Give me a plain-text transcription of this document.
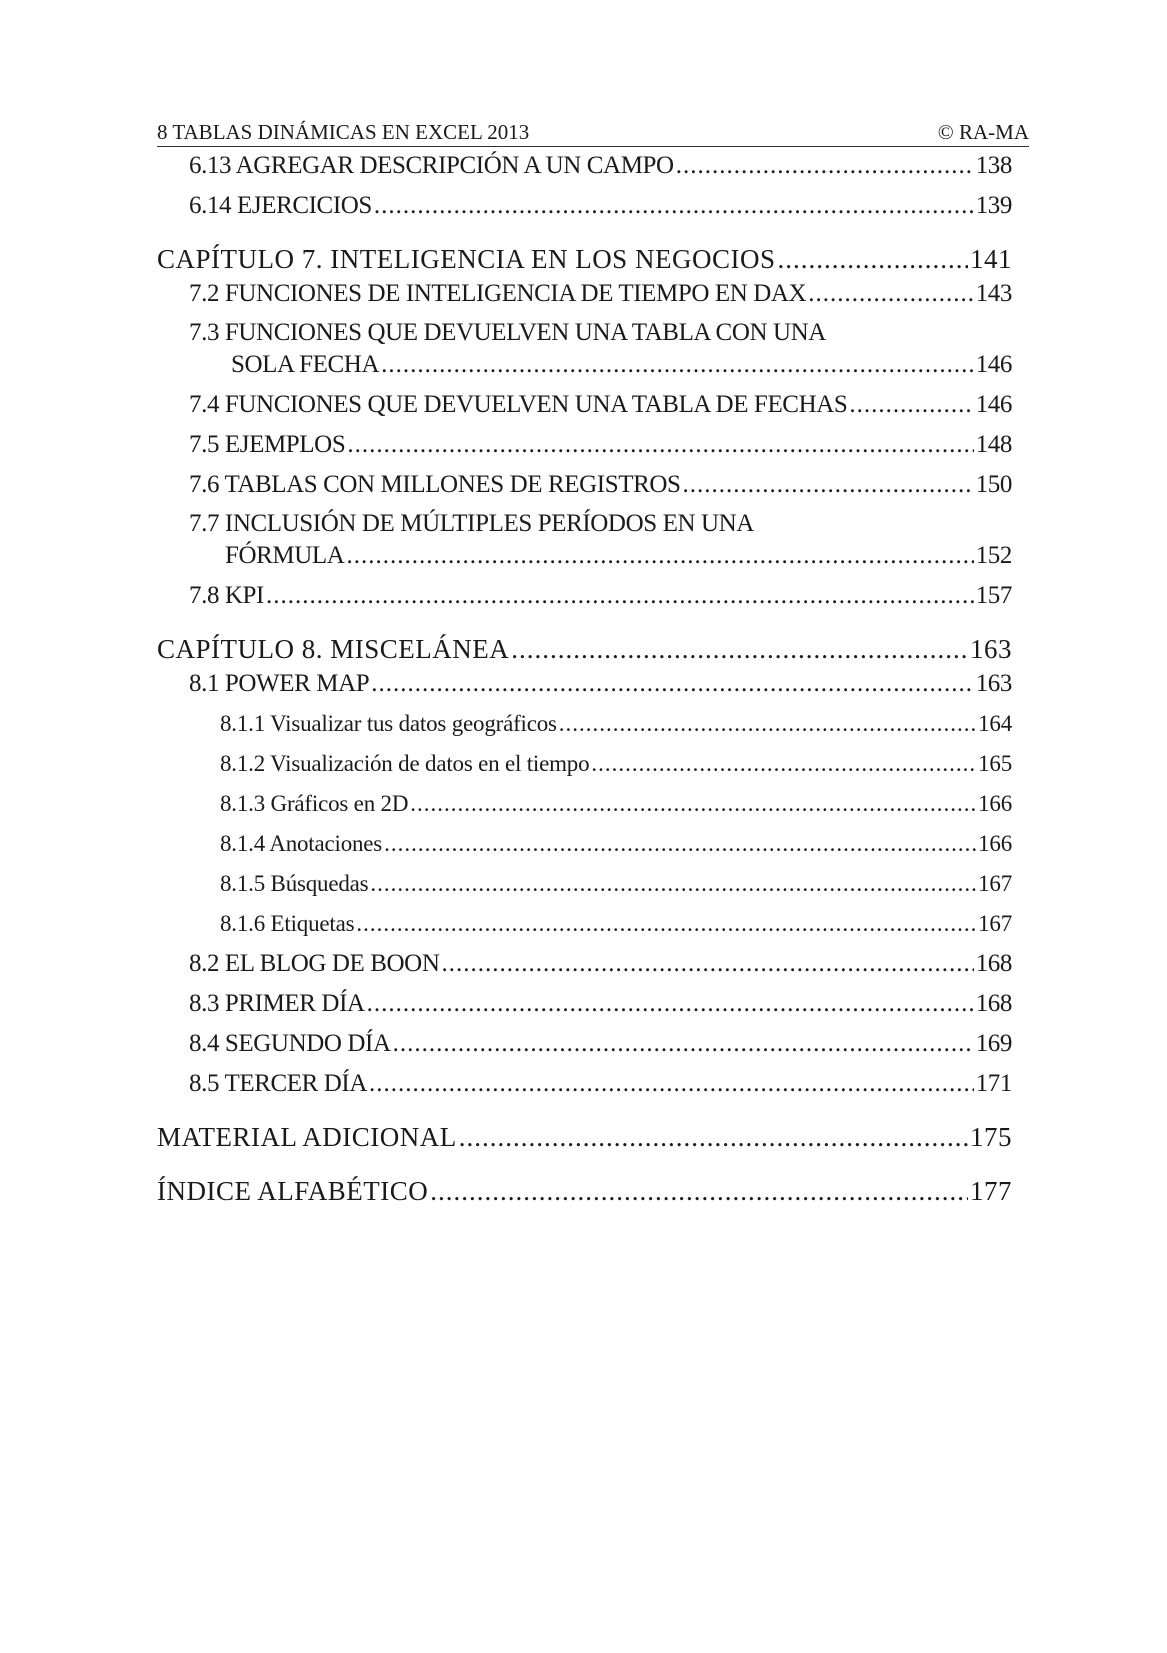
8 TABLAS DINÁMICAS EN EXCEL 2013	© RA-MA
6.13 AGREGAR DESCRIPCIÓN A UN CAMPO .....	138
6.14 EJERCICIOS .....	139
CAPÍTULO 7. INTELIGENCIA EN LOS NEGOCIOS .....	141
7.2 FUNCIONES DE INTELIGENCIA DE TIEMPO EN DAX .....	143
7.3 FUNCIONES QUE DEVUELVEN UNA TABLA CON UNA
SOLA FECHA .....	146
7.4 FUNCIONES QUE DEVUELVEN UNA TABLA DE FECHAS .....	146
7.5 EJEMPLOS .....	148
7.6 TABLAS CON MILLONES DE REGISTROS .....	150
7.7 INCLUSIÓN DE MÚLTIPLES PERÍODOS EN UNA
FÓRMULA .....	152
7.8 KPI .....	157
CAPÍTULO 8. MISCELÁNEA .....	163
8.1 POWER MAP .....	163
8.1.1 Visualizar tus datos geográficos .....	164
8.1.2 Visualización de datos en el tiempo .....	165
8.1.3 Gráficos en 2D .....	166
8.1.4 Anotaciones .....	166
8.1.5 Búsquedas .....	167
8.1.6 Etiquetas .....	167
8.2 EL BLOG DE BOON .....	168
8.3 PRIMER DÍA .....	168
8.4 SEGUNDO DÍA .....	169
8.5 TERCER DÍA .....	171
MATERIAL ADICIONAL .....	175
ÍNDICE ALFABÉTICO .....	177
